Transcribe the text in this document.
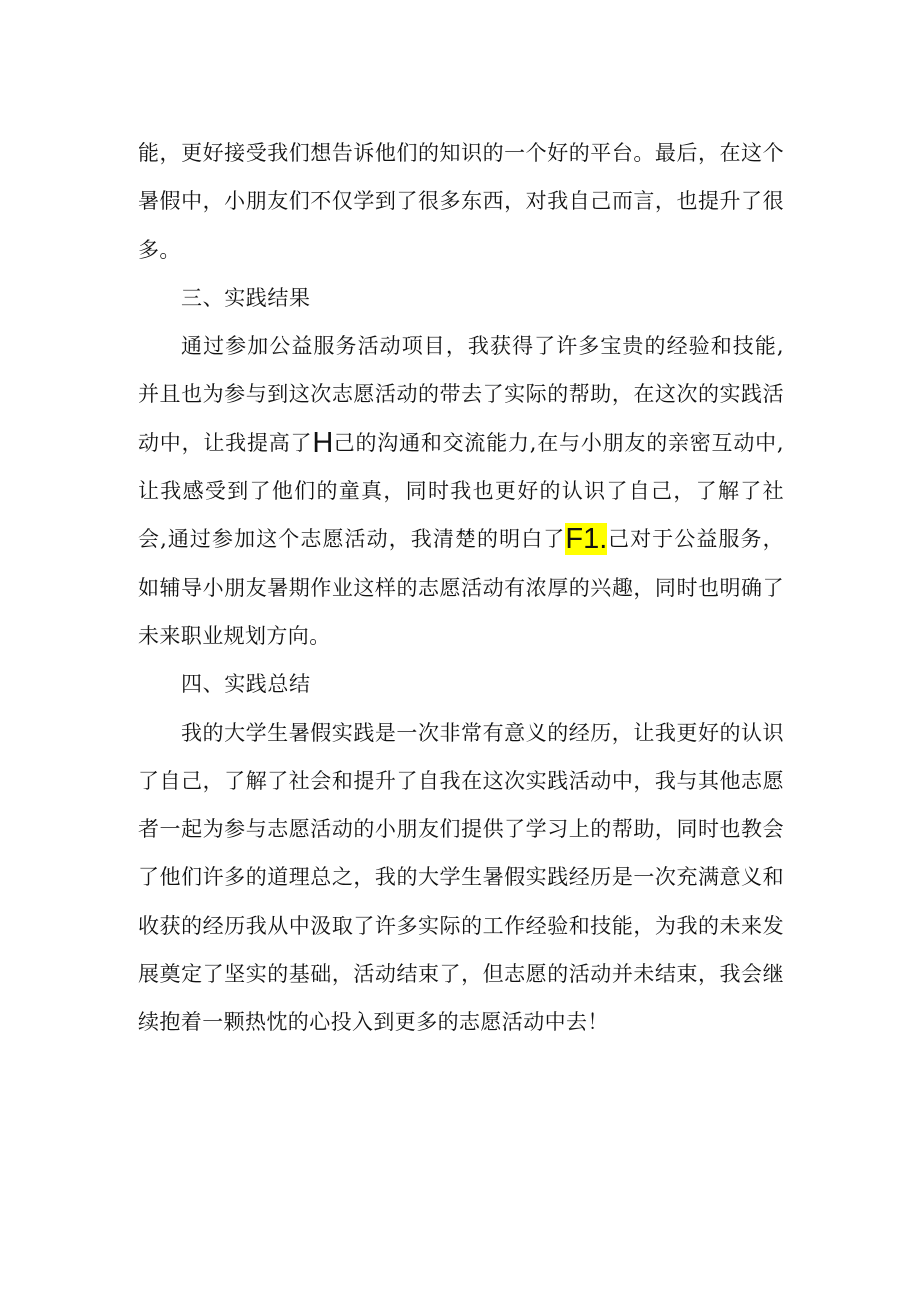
能，更好接受我们想告诉他们的知识的一个好的平台。最后，在这个暑假中，小朋友们不仅学到了很多东西，对我自己而言，也提升了很多。

三、实践结果

通过参加公益服务活动项目，我获得了许多宝贵的经验和技能,并且也为参与到这次志愿活动的带去了实际的帮助，在这次的实践活动中，让我提高了H己的沟通和交流能力,在与小朋友的亲密互动中,让我感受到了他们的童真，同时我也更好的认识了自己，了解了社会,通过参加这个志愿活动，我清楚的明白了F1.己对于公益服务，如辅导小朋友暑期作业这样的志愿活动有浓厚的兴趣，同时也明确了未来职业规划方向。

四、实践总结

我的大学生暑假实践是一次非常有意义的经历，让我更好的认识了自己，了解了社会和提升了自我在这次实践活动中，我与其他志愿者一起为参与志愿活动的小朋友们提供了学习上的帮助，同时也教会了他们许多的道理总之，我的大学生暑假实践经历是一次充满意义和收获的经历我从中汲取了许多实际的工作经验和技能，为我的未来发展奠定了坚实的基础，活动结束了，但志愿的活动并未结束，我会继续抱着一颗热忱的心投入到更多的志愿活动中去！
